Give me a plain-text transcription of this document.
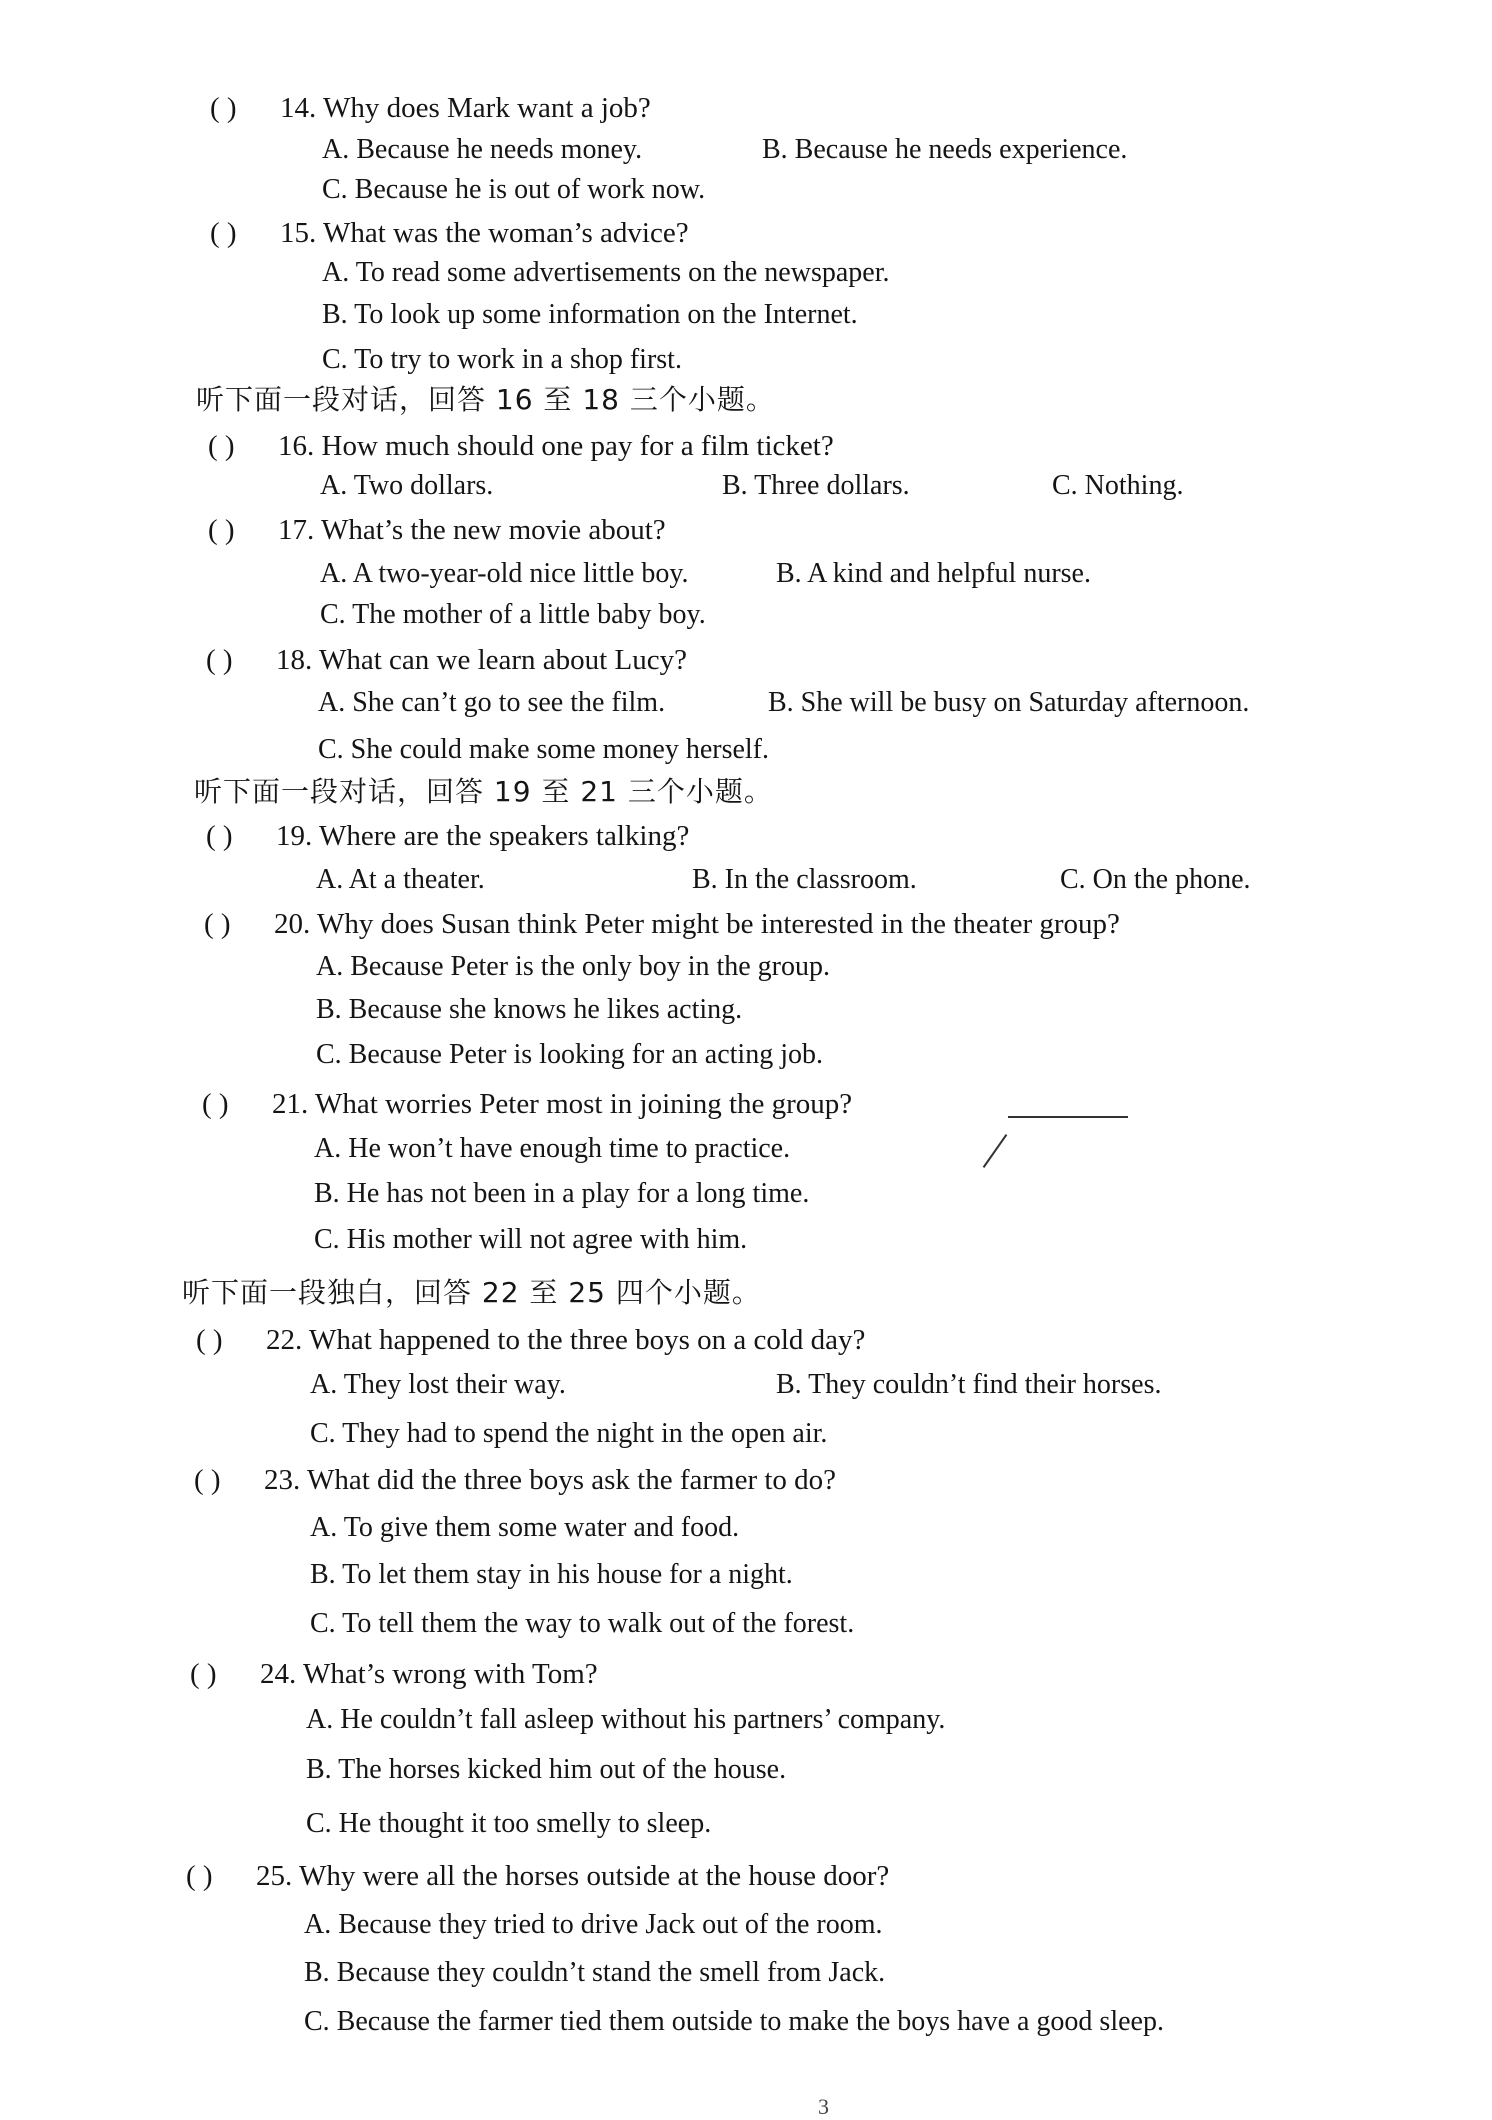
( ) 14. Why does Mark want a job?
A. Because he needs money.	B. Because he needs experience.
C. Because he is out of work now.
( ) 15. What was the woman’s advice?
A. To read some advertisements on the newspaper.
B. To look up some information on the Internet.
C. To try to work in a shop first.
听下面一段对话，回答 16 至 18 三个小题。
( ) 16. How much should one pay for a film ticket?
A. Two dollars.	B. Three dollars.	C. Nothing.
( ) 17. What’s the new movie about?
A. A two-year-old nice little boy.	B. A kind and helpful nurse.
C. The mother of a little baby boy.
( ) 18. What can we learn about Lucy?
A. She can’t go to see the film.	B. She will be busy on Saturday afternoon.
C. She could make some money herself.
听下面一段对话，回答 19 至 21 三个小题。
( ) 19. Where are the speakers talking?
A. At a theater.	B. In the classroom.	C. On the phone.
( ) 20. Why does Susan think Peter might be interested in the theater group?
A. Because Peter is the only boy in the group.
B. Because she knows he likes acting.
C. Because Peter is looking for an acting job.
( ) 21. What worries Peter most in joining the group?
A. He won’t have enough time to practice.
B. He has not been in a play for a long time.
C. His mother will not agree with him.
听下面一段独白，回答 22 至 25 四个小题。
( ) 22. What happened to the three boys on a cold day?
A. They lost their way.	B. They couldn’t find their horses.
C. They had to spend the night in the open air.
( ) 23. What did the three boys ask the farmer to do?
A. To give them some water and food.
B. To let them stay in his house for a night.
C. To tell them the way to walk out of the forest.
( ) 24. What’s wrong with Tom?
A. He couldn’t fall asleep without his partners’ company.
B. The horses kicked him out of the house.
C. He thought it too smelly to sleep.
( ) 25. Why were all the horses outside at the house door?
A. Because they tried to drive Jack out of the room.
B. Because they couldn’t stand the smell from Jack.
C. Because the farmer tied them outside to make the boys have a good sleep.
3
